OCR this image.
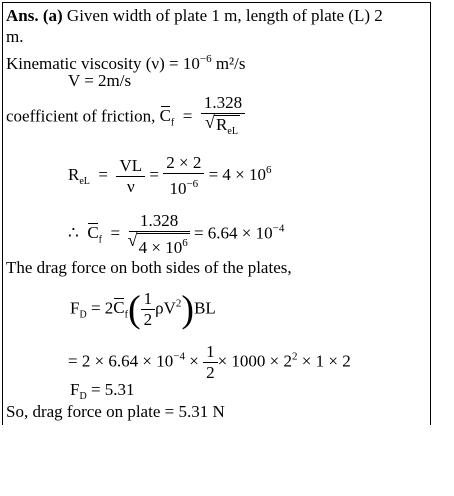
Ans. (a) Given width of plate 1 m, length of plate (L) 2
m.
Kinematic viscosity $(\nu) = 10^{-6}$ m²/s
V = 2m/s
coefficient of friction, $C_f = 1.328$
√ $R_{eL}$
$R_{eL} = \frac{VL}{\nu} = \frac{2 \times 2}{10^{-6}} = 4 \times 10^6$
∴ $C_f = 1.328$
√ $4 \times 10^6 = 6.64 \times 10^{-4}$
The drag force on both sides of the plates,
$F_D = 2C_f( \frac{1}{2} \rho V^2)BL$
= $2 \times 6.64 \times 10^{-4} \times \frac{1}{2} \times 1000 \times 2^2 \times 1 \times 2$
$F_D = 5.31$
So, drag force on plate = 5.31 N
